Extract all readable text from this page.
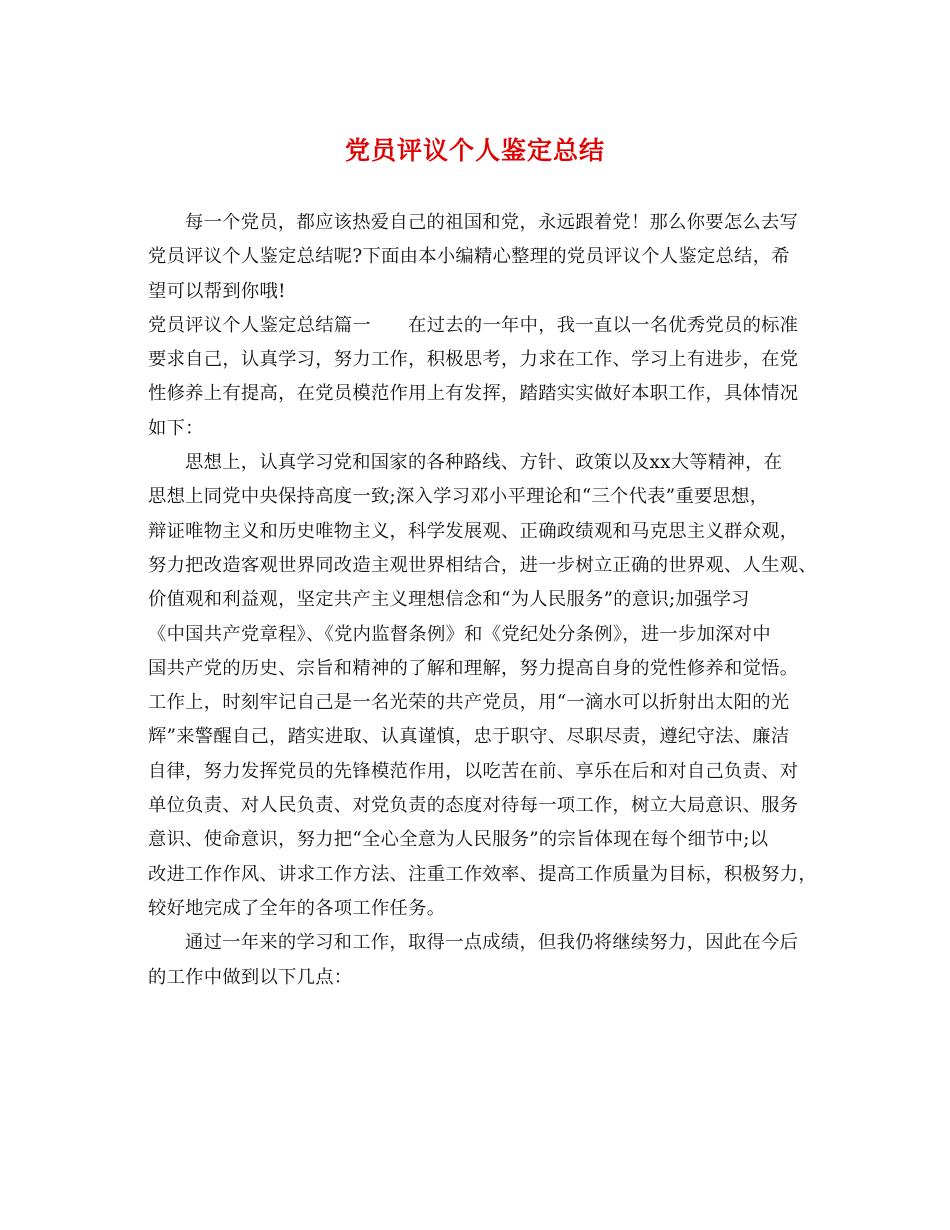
党员评议个人鉴定总结
每一个党员，都应该热爱自己的祖国和党，永远跟着党！那么你要怎么去写
党员评议个人鉴定总结呢?下面由本小编精心整理的党员评议个人鉴定总结，希
望可以帮到你哦!
党员评议个人鉴定总结篇一　　在过去的一年中，我一直以一名优秀党员的标准
要求自己，认真学习，努力工作，积极思考，力求在工作、学习上有进步，在党
性修养上有提高，在党员模范作用上有发挥，踏踏实实做好本职工作，具体情况
如下：
思想上，认真学习党和国家的各种路线、方针、政策以及xx大等精神，在
思想上同党中央保持高度一致;深入学习邓小平理论和“三个代表”重要思想，
辩证唯物主义和历史唯物主义，科学发展观、正确政绩观和马克思主义群众观，
努力把改造客观世界同改造主观世界相结合，进一步树立正确的世界观、人生观、
价值观和利益观，坚定共产主义理想信念和“为人民服务”的意识;加强学习
《中国共产党章程》、《党内监督条例》和《党纪处分条例》，进一步加深对中
国共产党的历史、宗旨和精神的了解和理解，努力提高自身的党性修养和觉悟。
工作上，时刻牢记自己是一名光荣的共产党员，用“一滴水可以折射出太阳的光
辉”来警醒自己，踏实进取、认真谨慎，忠于职守、尽职尽责，遵纪守法、廉洁
自律，努力发挥党员的先锋模范作用，以吃苦在前、享乐在后和对自己负责、对
单位负责、对人民负责、对党负责的态度对待每一项工作，树立大局意识、服务
意识、使命意识，努力把“全心全意为人民服务”的宗旨体现在每个细节中;以
改进工作作风、讲求工作方法、注重工作效率、提高工作质量为目标，积极努力，
较好地完成了全年的各项工作任务。
通过一年来的学习和工作，取得一点成绩，但我仍将继续努力，因此在今后
的工作中做到以下几点：
